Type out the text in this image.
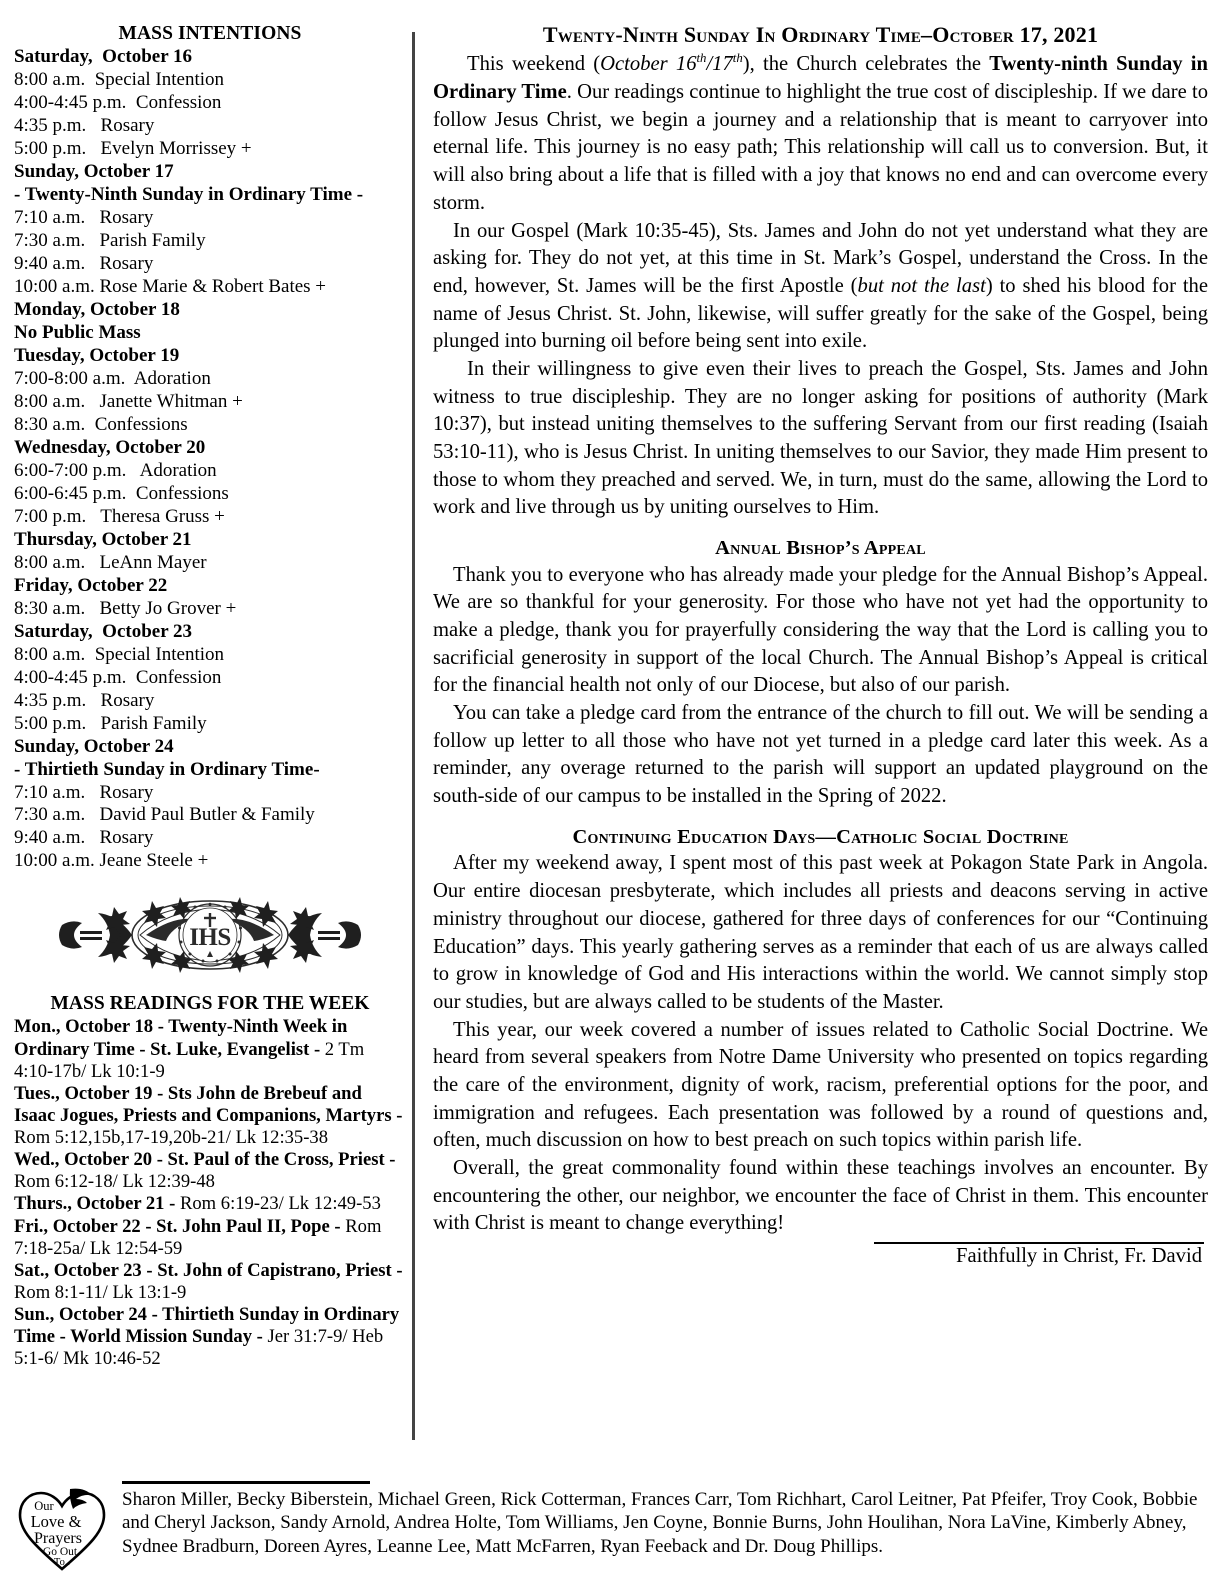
MASS INTENTIONS
Saturday,  October 16
8:00 a.m.  Special Intention
4:00-4:45 p.m.  Confession
4:35 p.m.   Rosary
5:00 p.m.   Evelyn Morrissey +
Sunday, October 17
- Twenty-Ninth Sunday in Ordinary Time -
7:10 a.m.   Rosary
7:30 a.m.   Parish Family
9:40 a.m.   Rosary
10:00 a.m. Rose Marie & Robert Bates +
Monday, October 18
No Public Mass
Tuesday, October 19
7:00-8:00 a.m.  Adoration
8:00 a.m.   Janette Whitman +
8:30 a.m.  Confessions
Wednesday, October 20
6:00-7:00 p.m.   Adoration
6:00-6:45 p.m.  Confessions
7:00 p.m.   Theresa Gruss +
Thursday, October 21
8:00 a.m.   LeAnn Mayer
Friday, October 22
8:30 a.m.   Betty Jo Grover +
Saturday,  October 23
8:00 a.m.  Special Intention
4:00-4:45 p.m.  Confession
4:35 p.m.   Rosary
5:00 p.m.   Parish Family
Sunday, October 24
- Thirtieth Sunday in Ordinary Time-
7:10 a.m.   Rosary
7:30 a.m.   David Paul Butler & Family
9:40 a.m.   Rosary
10:00 a.m. Jeane Steele +
IHS
MASS READINGS FOR THE WEEK

Mon., October 18 - Twenty-Ninth Week in Ordinary Time - St. Luke, Evangelist - 2 Tm 4:10-17b/ Lk 10:1-9

Tues., October 19 - Sts John de Brebeuf and Isaac Jogues, Priests and Companions, Martyrs - Rom 5:12,15b,17-19,20b-21/ Lk 12:35-38

Wed., October 20 - St. Paul of the Cross, Priest - Rom 6:12-18/ Lk 12:39-48

Thurs., October 21 - Rom 6:19-23/ Lk 12:49-53

Fri., October 22 - St. John Paul II, Pope - Rom 7:18-25a/ Lk 12:54-59

Sat., October 23 - St. John of Capistrano, Priest - Rom 8:1-11/ Lk 13:1-9

Sun., October 24 - Thirtieth Sunday in Ordinary Time - World Mission Sunday - Jer 31:7-9/ Heb 5:1-6/ Mk 10:46-52

Twenty-Ninth Sunday In Ordinary Time–October 17, 2021

This weekend (October 16th/17th), the Church celebrates the Twenty-ninth Sunday in Ordinary Time. Our readings continue to highlight the true cost of discipleship. If we dare to follow Jesus Christ, we begin a journey and a relationship that is meant to carryover into eternal life. This journey is no easy path; This relationship will call us to conversion. But, it will also bring about a life that is filled with a joy that knows no end and can overcome every storm.

In our Gospel (Mark 10:35-45), Sts. James and John do not yet understand what they are asking for. They do not yet, at this time in St. Mark’s Gospel, understand the Cross. In the end, however, St. James will be the first Apostle (but not the last) to shed his blood for the name of Jesus Christ. St. John, likewise, will suffer greatly for the sake of the Gospel, being plunged into burning oil before being sent into exile.

In their willingness to give even their lives to preach the Gospel, Sts. James and John witness to true discipleship. They are no longer asking for positions of authority (Mark 10:37), but instead uniting themselves to the suffering Servant from our first reading (Isaiah 53:10-11), who is Jesus Christ. In uniting themselves to our Savior, they made Him present to those to whom they preached and served. We, in turn, must do the same, allowing the Lord to work and live through us by uniting ourselves to Him.

Annual Bishop’s Appeal

Thank you to everyone who has already made your pledge for the Annual Bishop’s Appeal. We are so thankful for your generosity. For those who have not yet had the opportunity to make a pledge, thank you for prayerfully considering the way that the Lord is calling you to sacrificial generosity in support of the local Church. The Annual Bishop’s Appeal is critical for the financial health not only of our Diocese, but also of our parish.

You can take a pledge card from the entrance of the church to fill out. We will be sending a follow up letter to all those who have not yet turned in a pledge card later this week. As a reminder, any overage returned to the parish will support an updated playground on the south-side of our campus to be installed in the Spring of 2022.

Continuing Education Days—Catholic Social Doctrine

After my weekend away, I spent most of this past week at Pokagon State Park in Angola. Our entire diocesan presbyterate, which includes all priests and deacons serving in active ministry throughout our diocese, gathered for three days of conferences for our “Continuing Education” days. This yearly gathering serves as a reminder that each of us are always called to grow in knowledge of God and His interactions within the world. We cannot simply stop our studies, but are always called to be students of the Master.

This year, our week covered a number of issues related to Catholic Social Doctrine. We heard from several speakers from Notre Dame University who presented on topics regarding the care of the environment, dignity of work, racism, preferential options for the poor, and immigration and refugees. Each presentation was followed by a round of questions and, often, much discussion on how to best preach on such topics within parish life.

Overall, the great commonality found within these teachings involves an encounter. By encountering the other, our neighbor, we encounter the face of Christ in them. This encounter with Christ is meant to change everything!

Faithfully in Christ, Fr. David
Our
Love &
Prayers
Go Out
To..

Sharon Miller, Becky Biberstein, Michael Green, Rick Cotterman, Frances Carr, Tom Richhart, Carol Leitner, Pat Pfeifer, Troy Cook, Bobbie and Cheryl Jackson, Sandy Arnold, Andrea Holte, Tom Williams, Jen Coyne, Bonnie Burns, John Houlihan, Nora LaVine, Kimberly Abney, Sydnee Bradburn, Doreen Ayres, Leanne Lee, Matt McFarren, Ryan Feeback and Dr. Doug Phillips.
